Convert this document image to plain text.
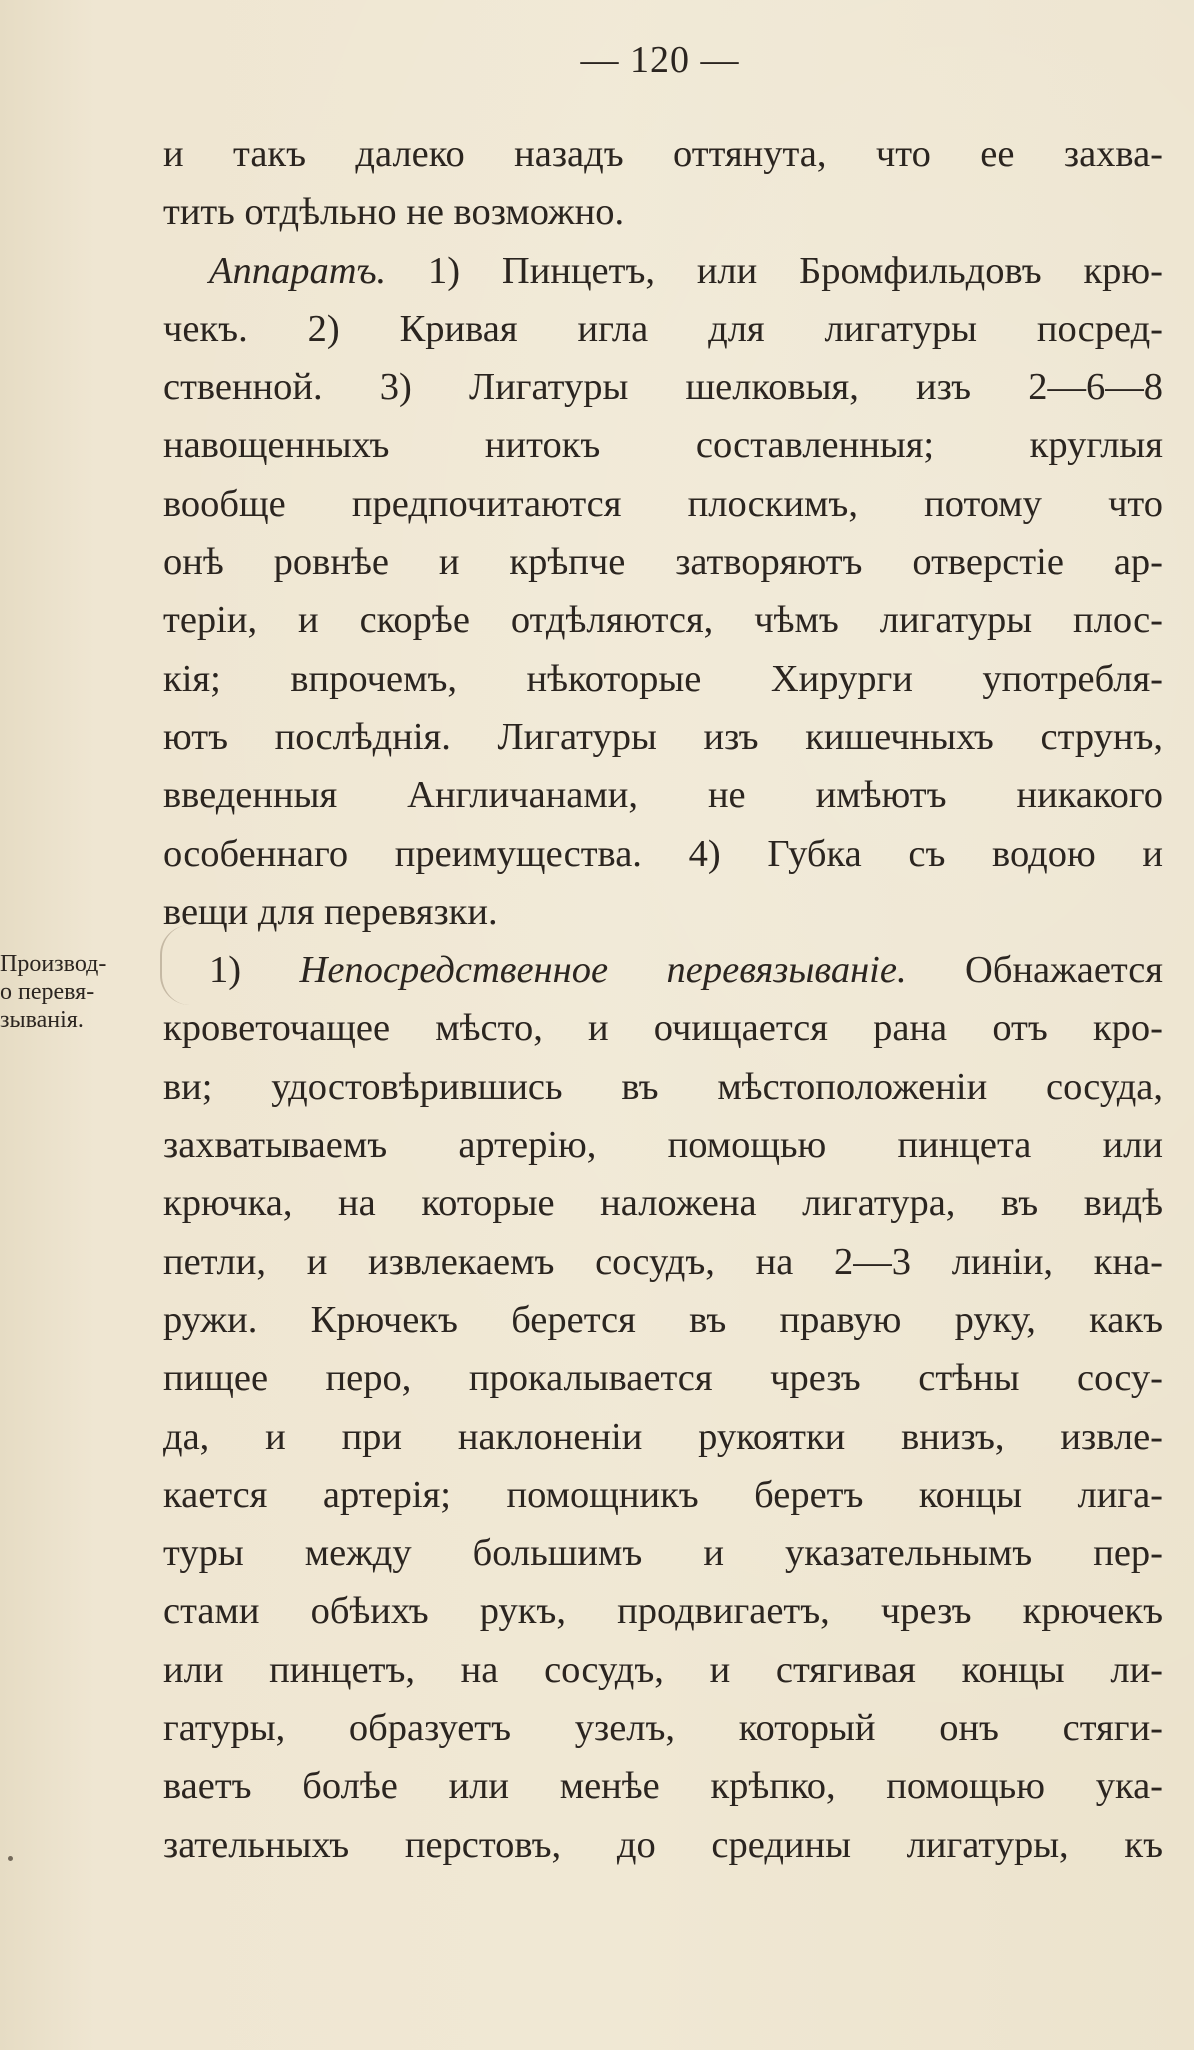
— 120 —
Производ-
о перевя-
зыванія.
и такъ далеко назадъ оттянута, что ее захва-
тить отдѣльно не возможно.
Аппаратъ. 1) Пинцетъ, или Бромфильдовъ крю-
чекъ. 2) Кривая игла для лигатуры посред-
ственной. 3) Лигатуры шелковыя, изъ 2—6—8
навощенныхъ нитокъ составленныя; круглыя
вообще предпочитаются плоскимъ, потому что
онѣ ровнѣе и крѣпче затворяютъ отверстіе ар-
теріи, и скорѣе отдѣляются, чѣмъ лигатуры плос-
кія; впрочемъ, нѣкоторые Хирурги употребля-
ютъ послѣднія. Лигатуры изъ кишечныхъ струнъ,
введенныя Англичанами, не имѣютъ никакого
особеннаго преимущества. 4) Губка съ водою и
вещи для перевязки.
1) Непосредственное перевязываніе. Обнажается
кроветочащее мѣсто, и очищается рана отъ кро-
ви; удостовѣрившись въ мѣстоположеніи сосуда,
захватываемъ артерію, помощью пинцета или
крючка, на которые наложена лигатура, въ видѣ
петли, и извлекаемъ сосудъ, на 2—3 линіи, кна-
ружи. Крючекъ берется въ правую руку, какъ
пищее перо, прокалывается чрезъ стѣны сосу-
да, и при наклоненіи рукоятки внизъ, извле-
кается артерія; помощникъ беретъ концы лига-
туры между большимъ и указательнымъ пер-
стами обѣихъ рукъ, продвигаетъ, чрезъ крючекъ
или пинцетъ, на сосудъ, и стягивая концы ли-
гатуры, образуетъ узелъ, который онъ стяги-
ваетъ болѣе или менѣе крѣпко, помощью ука-
зательныхъ перстовъ, до средины лигатуры, къ
